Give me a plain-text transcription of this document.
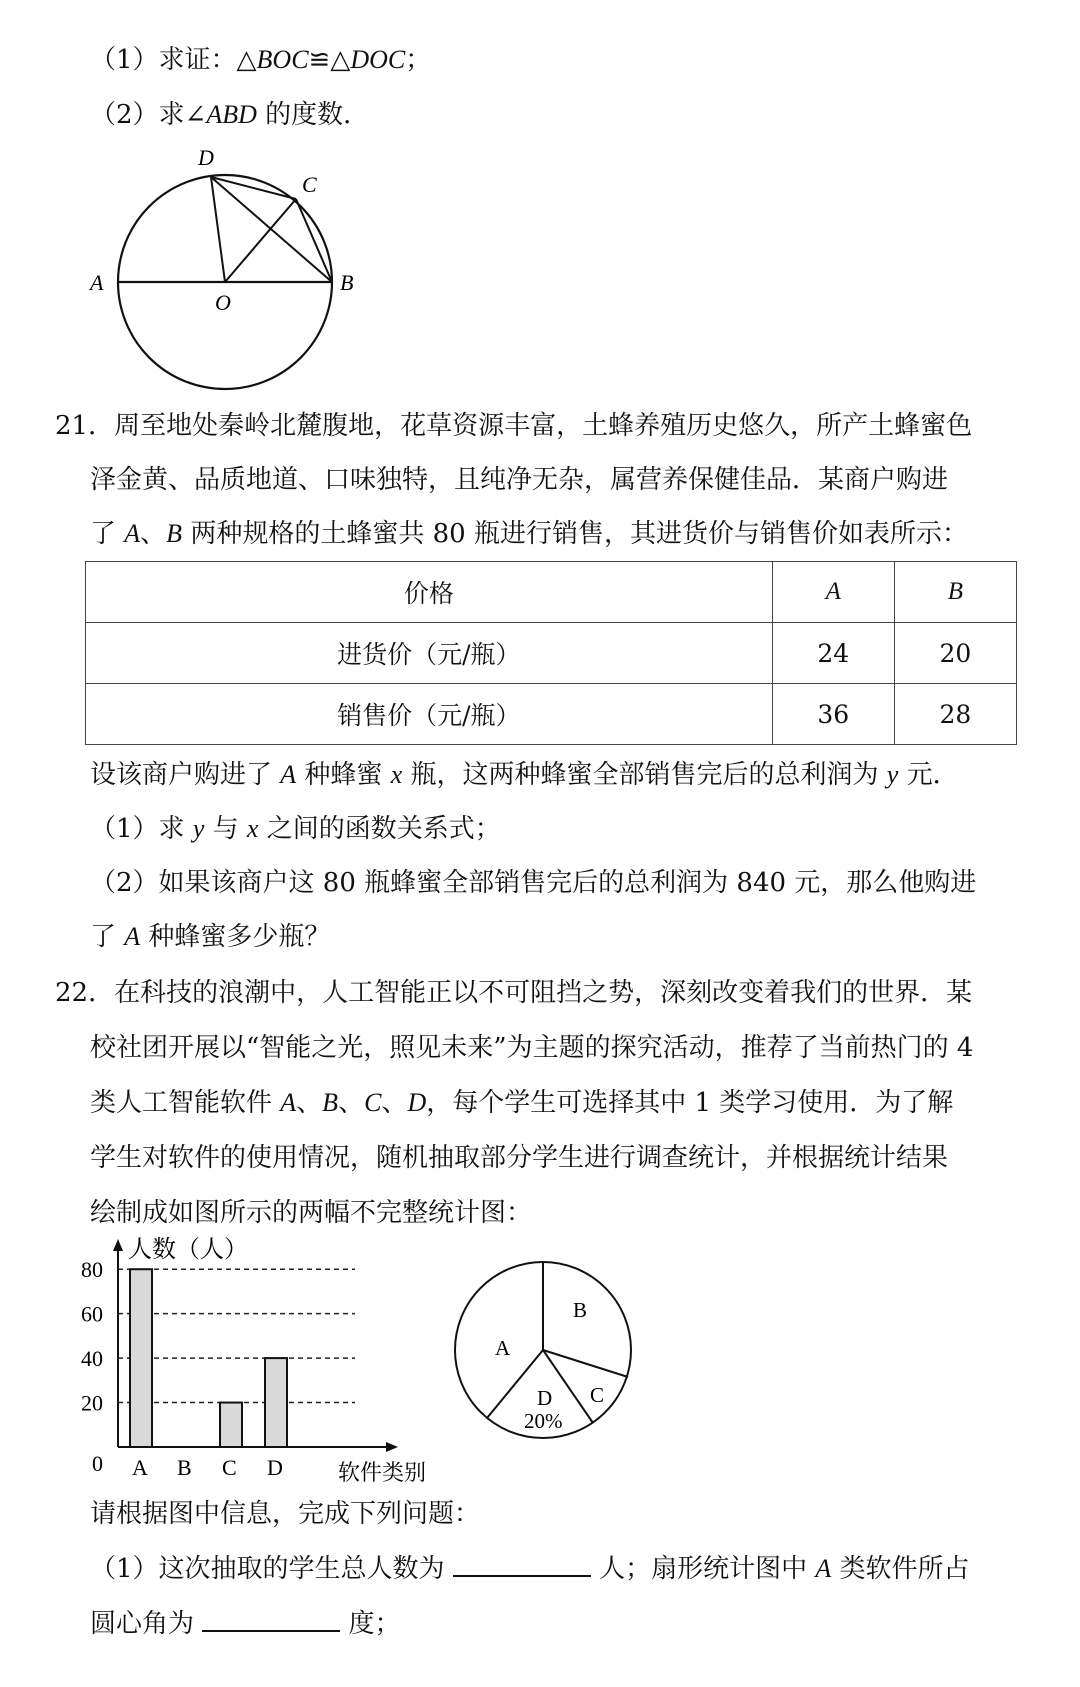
（1）求证：△BOC≌△DOC；
（2）求∠ABD 的度数．
D
C
A
O
B
21．周至地处秦岭北麓腹地，花草资源丰富，土蜂养殖历史悠久，所产土蜂蜜色
泽金黄、品质地道、口味独特，且纯净无杂，属营养保健佳品．某商户购进
了 A、B 两种规格的土蜂蜜共 80 瓶进行销售，其进货价与销售价如表所示：
价格	A	B
进货价（元/瓶）	24	20
销售价（元/瓶）	36	28
设该商户购进了 A 种蜂蜜 x 瓶，这两种蜂蜜全部销售完后的总利润为 y 元．
（1）求 y 与 x 之间的函数关系式；
（2）如果该商户这 80 瓶蜂蜜全部销售完后的总利润为 840 元，那么他购进
了 A 种蜂蜜多少瓶？
22．在科技的浪潮中，人工智能正以不可阻挡之势，深刻改变着我们的世界．某
校社团开展以“智能之光，照见未来”为主题的探究活动，推荐了当前热门的 4
类人工智能软件 A、B、C、D，每个学生可选择其中 1 类学习使用．为了解
学生对软件的使用情况，随机抽取部分学生进行调查统计，并根据统计结果
绘制成如图所示的两幅不完整统计图：
人数（人）
软件类别
0
20
40
60
80
A B C D
A
B
C
D
20%
请根据图中信息，完成下列问题：
（1）这次抽取的学生总人数为	人；扇形统计图中 A 类软件所占
圆心角为	度；
